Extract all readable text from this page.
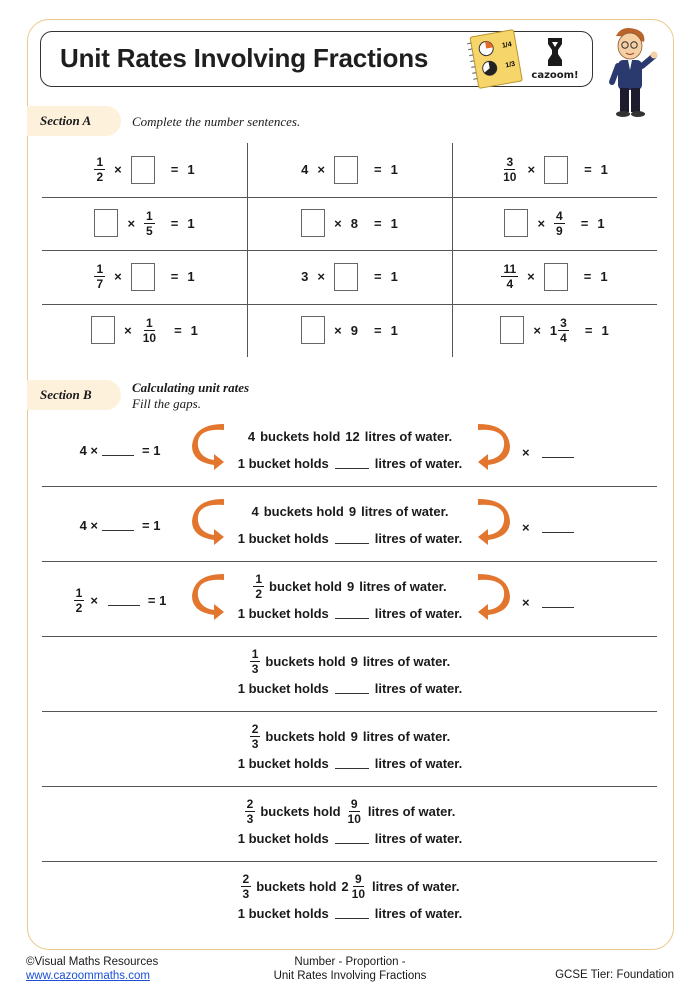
Unit Rates Involving Fractions	1/4
1/3
cazoom!
Section A	Complete the number sentences.
$\frac{1}{2}$ ×	= 1	4 ×	= 1	$\frac{3}{10}$ ×	= 1
× $\frac{1}{5} = 1$	× 8 = 1	× $\frac{4}{9} = 1$
$\frac{1}{7}$ ×	= 1	3 ×	= 1	$\frac{11}{4}$ ×	= 1
× $\frac{1}{10} = 1$	× 9 = 1	× $1 \frac{3}{4} = 1$
Section B	Calculating unit rates
Fill the gaps.
4 buckets hold 12 litres of water.
1 bucket holds	litres of water.
4 ×	= 1	×
4 buckets hold 9 litres of water.
1 bucket holds	litres of water.
4 ×	= 1	×
$\frac{1}{2}$ bucket hold 9 litres of water.
1 bucket holds	litres of water.
$\frac{1}{2}$ ×	= 1	×
$\frac{1}{3}$ buckets hold 9 litres of water.
1 bucket holds	litres of water.
$\frac{2}{3}$ buckets hold 9 litres of water.
1 bucket holds	litres of water.
$\frac{2}{3}$ buckets hold $\frac{9}{10}$ litres of water.
1 bucket holds	litres of water.
$\frac{2}{3}$ buckets hold $2 \frac{9}{10}$ litres of water.
1 bucket holds	litres of water.
©Visual Maths Resources
www.cazoommaths.com
Number - Proportion -
Unit Rates Involving Fractions	GCSE Tier: Foundation
